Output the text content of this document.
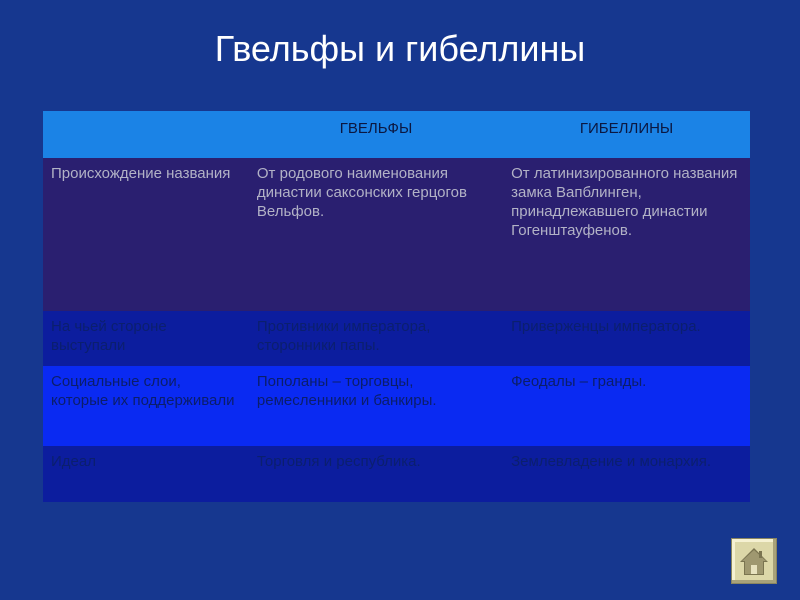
Гвельфы и гибеллины
	ГВЕЛЬФЫ	ГИБЕЛЛИНЫ
Происхождение названия	От родового наименования династии саксонских герцогов Вельфов.	От латинизированного названия замка Вапблинген, принадлежавшего династии Гогенштауфенов.
На чьей стороне выступали	Противники императора, сторонники папы.	Приверженцы императора.
Социальные слои, которые их поддерживали	Пополаны – торговцы, ремесленники и банкиры.	Феодалы – гранды.
Идеал	Торговля и республика.	Землевладение и монархия.
